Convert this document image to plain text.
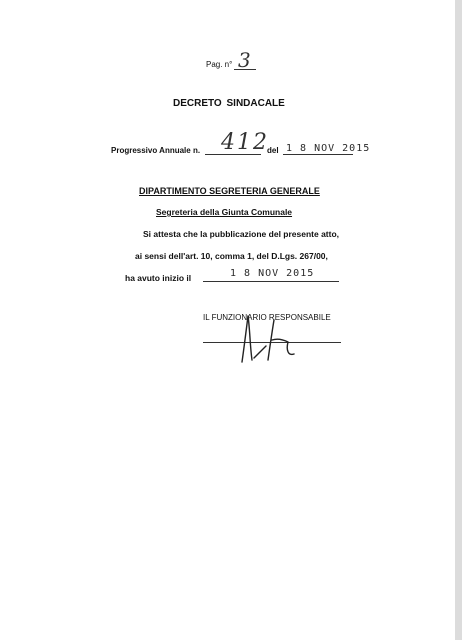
Pag. n° 3
DECRETO SINDACALE
Progressivo Annuale n. 412
del 1 8 NOV 2015
DIPARTIMENTO SEGRETERIA GENERALE
Segreteria della Giunta Comunale
Si attesta che la pubblicazione del presente atto,
ai sensi dell'art. 10, comma 1, del D.Lgs. 267/00,
ha avuto inizio il	1 8 NOV 2015
IL FUNZIONARIO RESPONSABILE
